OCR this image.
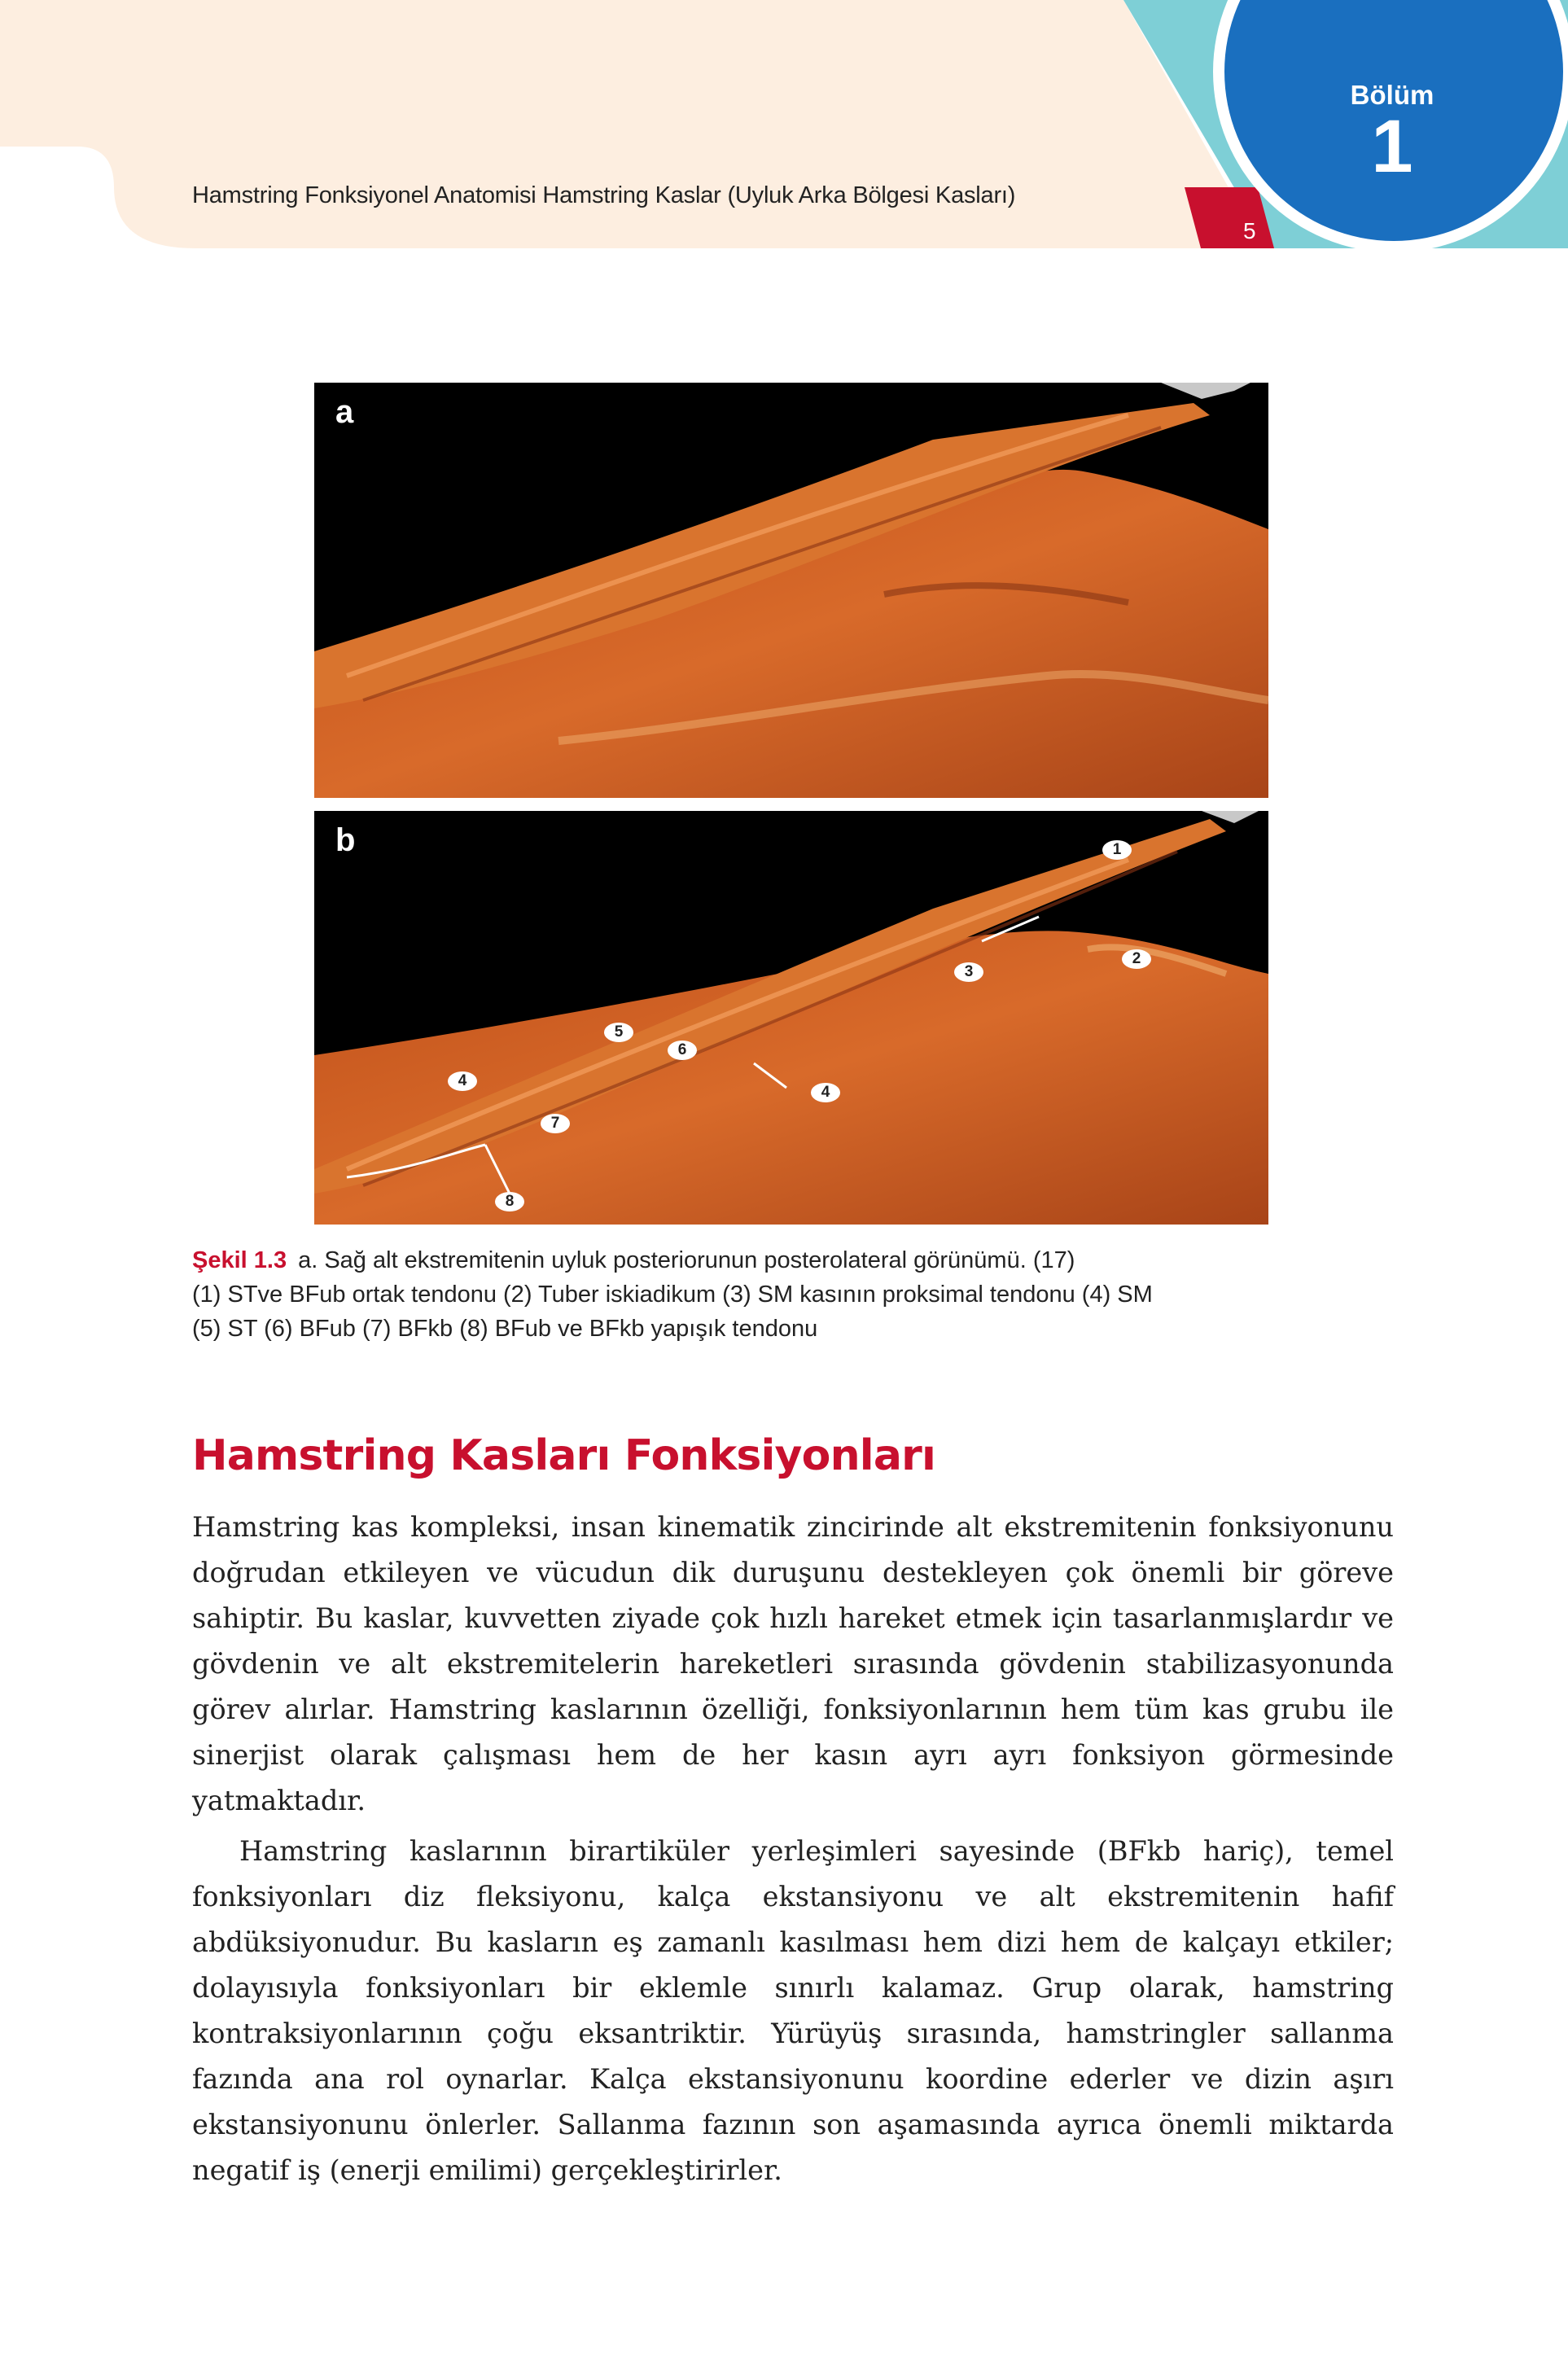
Hamstring Fonksiyonel Anatomisi Hamstring Kaslar (Uyluk Arka Bölgesi Kasları)
5
Bölüm
1
a
b	1
2
3
4
5
6
4
7
8
Şekil 1.3 a. Sağ alt ekstremitenin uyluk posteriorunun posterolateral görünümü. (17)
(1) STve BFub ortak tendonu (2) Tuber iskiadikum (3) SM kasının proksimal tendonu (4) SM
(5) ST (6) BFub (7) BFkb (8) BFub ve BFkb yapışık tendonu
Hamstring Kasları Fonksiyonları

Hamstring kas kompleksi, insan kinematik zincirinde alt ekstremitenin fonksiyonunu doğrudan etkileyen ve vücudun dik duruşunu destekleyen çok önemli bir göreve sahiptir. Bu kaslar, kuvvetten ziyade çok hızlı hareket etmek için tasarlanmışlardır ve gövdenin ve alt ekstremitelerin hareketleri sırasında gövdenin stabilizasyonunda görev alırlar. Hamstring kaslarının özelliği, fonksiyonlarının hem tüm kas grubu ile sinerjist olarak çalışması hem de her kasın ayrı ayrı fonksiyon görmesinde yatmaktadır.

Hamstring kaslarının birartiküler yerleşimleri sayesinde (BFkb hariç), temel fonksiyonları diz fleksiyonu, kalça ekstansiyonu ve alt ekstremitenin hafif abdüksiyonudur. Bu kasların eş zamanlı kasılması hem dizi hem de kalçayı etkiler; dolayısıyla fonksiyonları bir eklemle sınırlı kalamaz. Grup olarak, hamstring kontraksiyonlarının çoğu eksantriktir. Yürüyüş sırasında, hamstringler sallanma fazında ana rol oynarlar. Kalça ekstansiyonunu koordine ederler ve dizin aşırı ekstansiyonunu önlerler. Sallanma fazının son aşamasında ayrıca önemli miktarda negatif iş (enerji emilimi) gerçekleştirirler.
